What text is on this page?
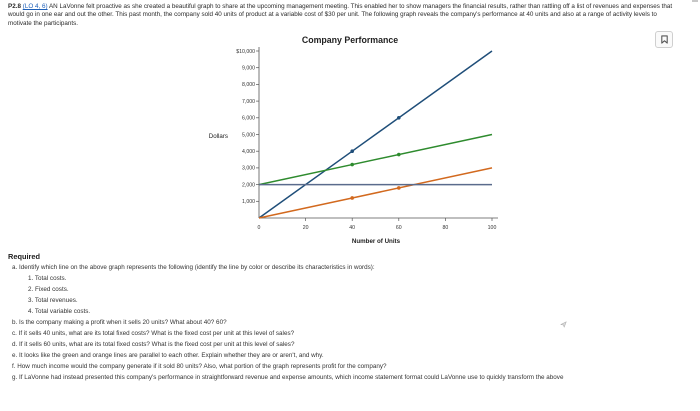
P2.8 (LO 4, 6) AN LaVonne felt proactive as she created a beautiful graph to share at the upcoming management meeting. This enabled her to show managers the financial results, rather than rattling off a list of revenues and expenses that would go in one ear and out the other. This past month, the company sold 40 units of product at a variable cost of $30 per unit. The following graph reveals the company's performance at 40 units and also at a range of activity levels to motivate the participants.

Company Performance
1,000
2,000
3,000
4,000
5,000
6,000
7,000
8,000
9,000
$10,000
20	40	60	80	100
0
Dollars
Number of Units
Required
a. Identify which line on the above graph represents the following (identify the line by color or describe its characteristics in words):
1. Total costs.
2. Fixed costs.
3. Total revenues.
4. Total variable costs.
b. Is the company making a profit when it sells 20 units? What about 40? 60?
c. If it sells 40 units, what are its total fixed costs? What is the fixed cost per unit at this level of sales?
d. If it sells 60 units, what are its total fixed costs? What is the fixed cost per unit at this level of sales?
e. It looks like the green and orange lines are parallel to each other. Explain whether they are or aren't, and why.
f. How much income would the company generate if it sold 80 units? Also, what portion of the graph represents profit for the company?
g. If LaVonne had instead presented this company's performance in straightforward revenue and expense amounts, which income statement format could LaVonne use to quickly transform the above
